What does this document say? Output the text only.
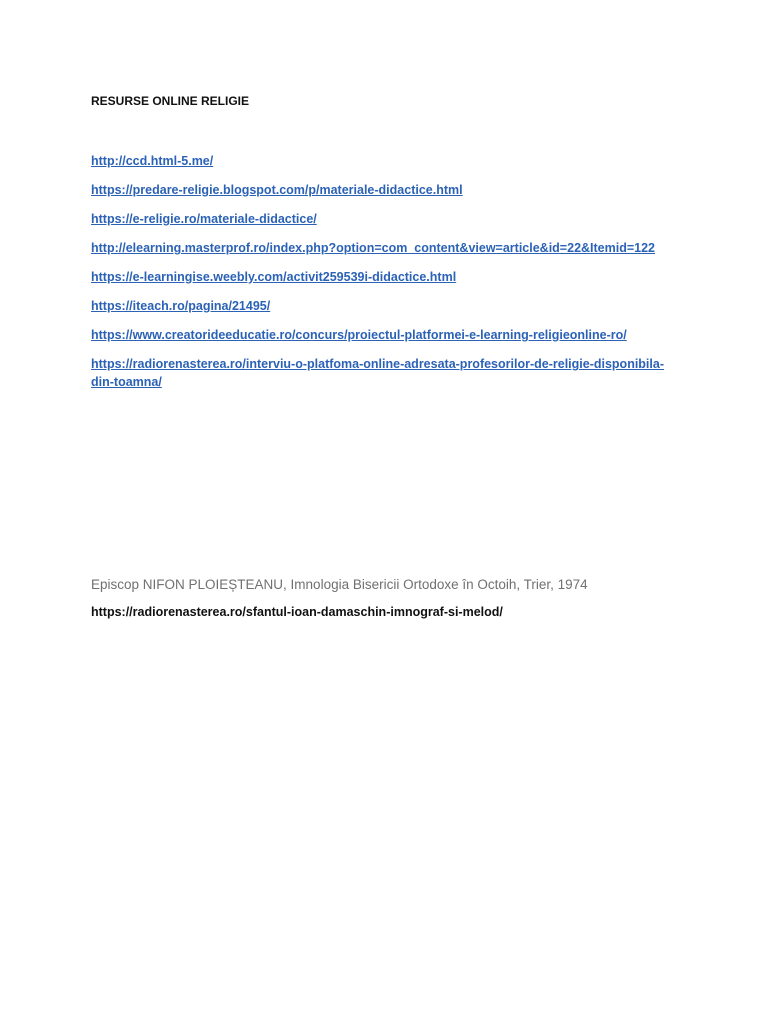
RESURSE ONLINE RELIGIE
http://ccd.html-5.me/
https://predare-religie.blogspot.com/p/materiale-didactice.html
https://e-religie.ro/materiale-didactice/
http://elearning.masterprof.ro/index.php?option=com_content&view=article&id=22&Itemid=122
https://e-learningise.weebly.com/activit259539i-didactice.html
https://iteach.ro/pagina/21495/
https://www.creatorideeducatie.ro/concurs/proiectul-platformei-e-learning-religieonline-ro/
https://radiorenasterea.ro/interviu-o-platfoma-online-adresata-profesorilor-de-religie-disponibila-din-toamna/
Episcop NIFON PLOIEȘTEANU, Imnologia Bisericii Ortodoxe în Octoih, Trier, 1974
https://radiorenasterea.ro/sfantul-ioan-damaschin-imnograf-si-melod/
